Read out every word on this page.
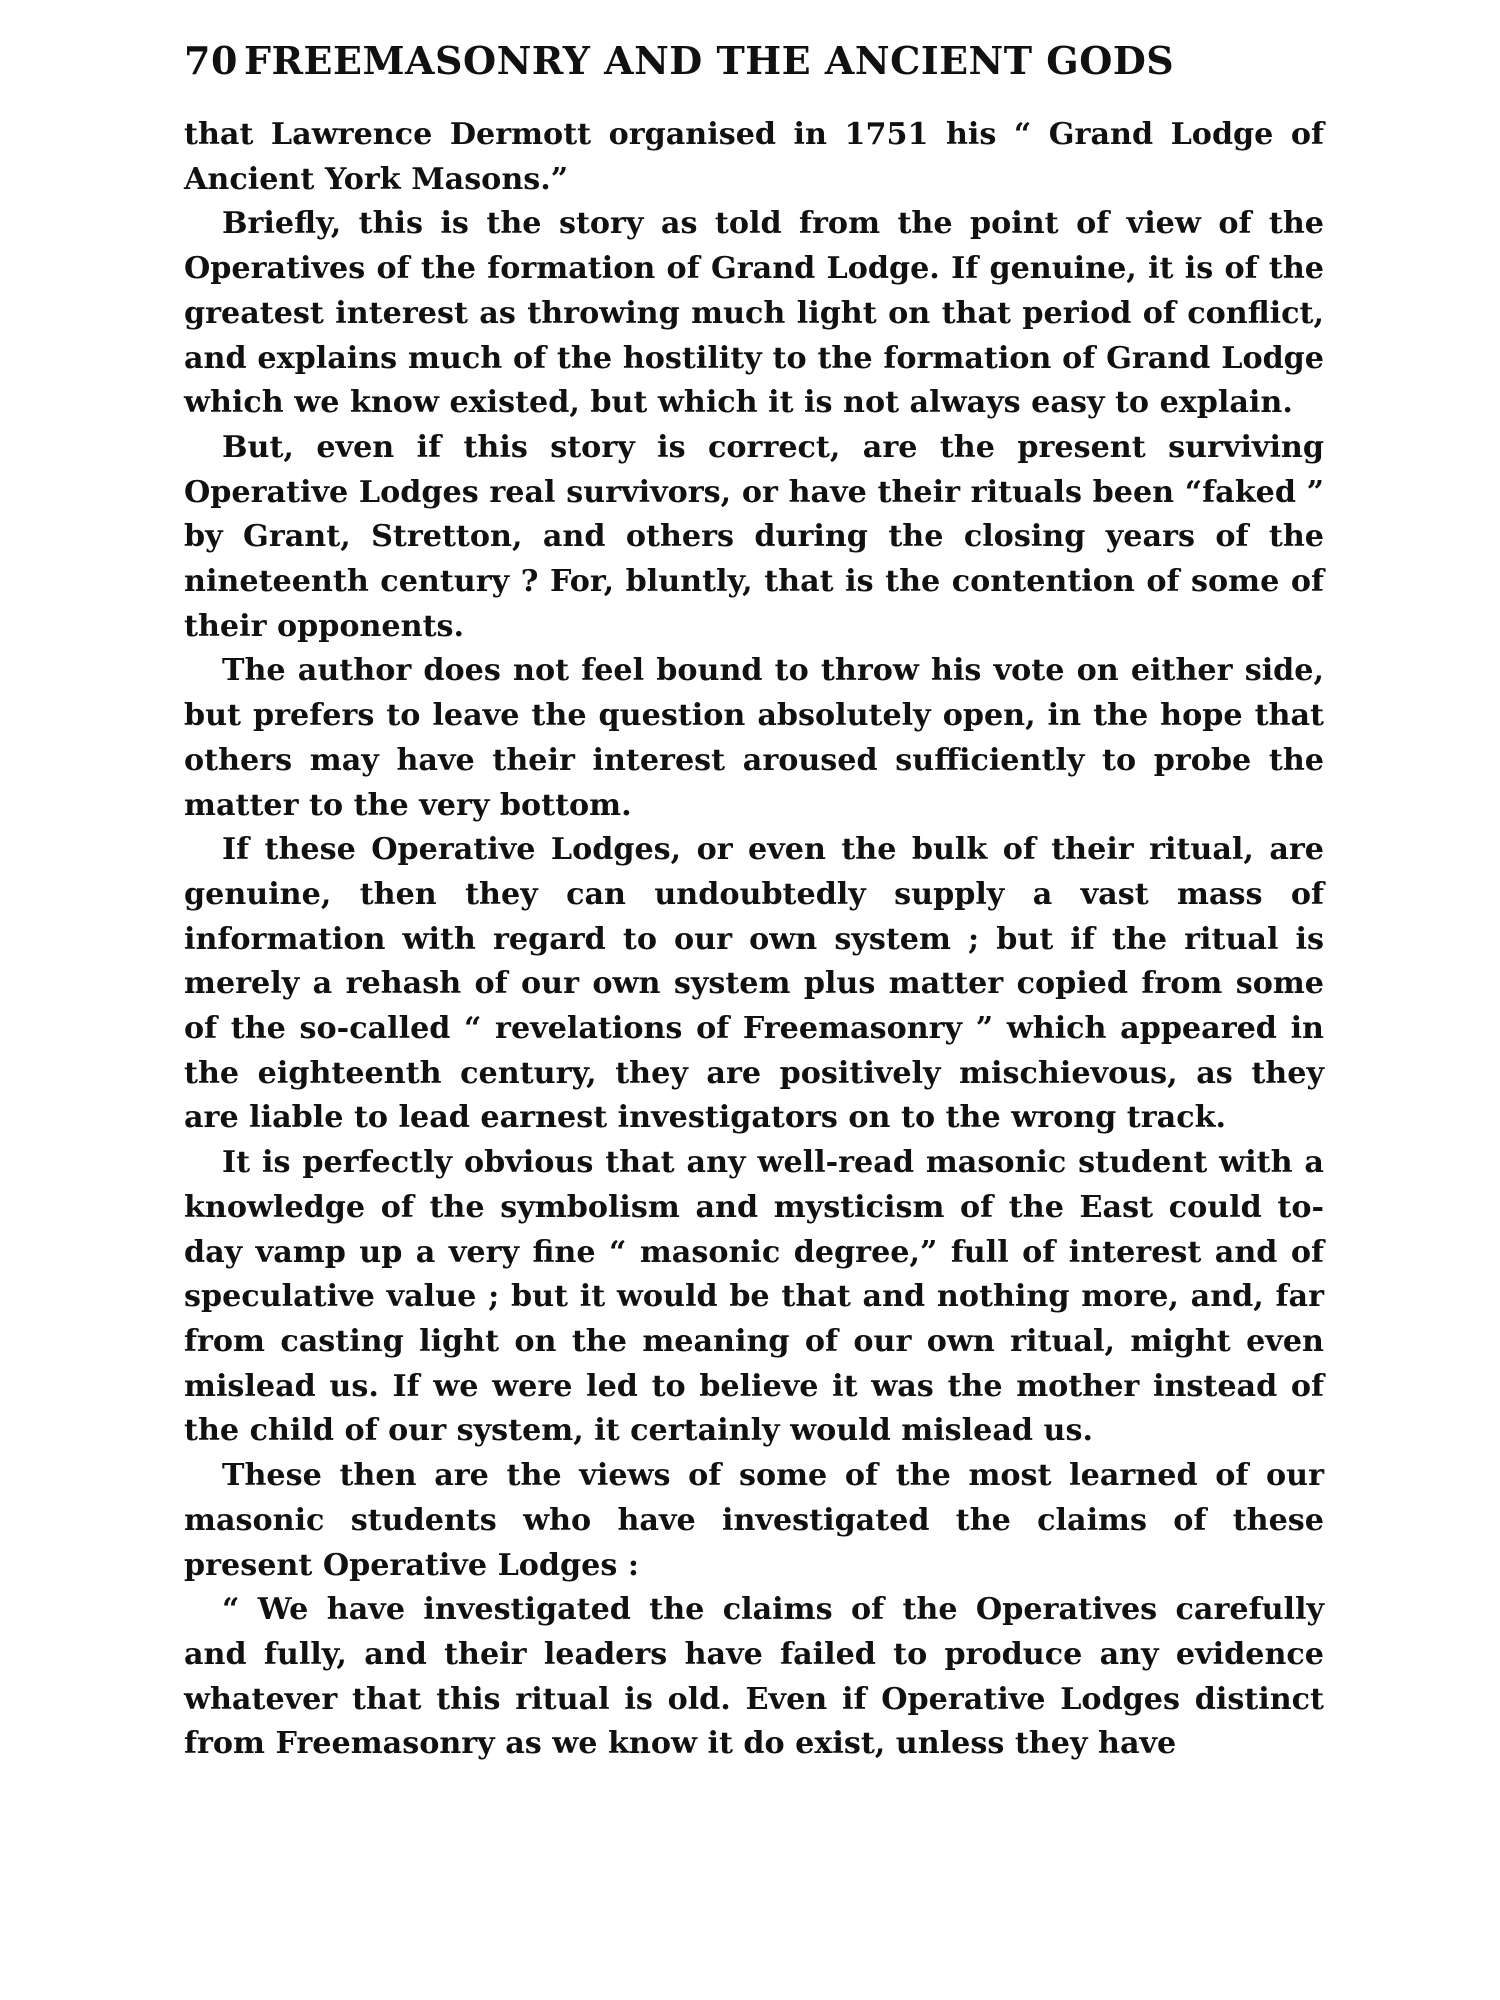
70 FREEMASONRY AND THE ANCIENT GODS

that Lawrence Dermott organised in 1751 his “ Grand Lodge of Ancient York Masons.”

Briefly, this is the story as told from the point of view of the Operatives of the formation of Grand Lodge. If genuine, it is of the greatest interest as throwing much light on that period of conflict, and explains much of the hostility to the formation of Grand Lodge which we know existed, but which it is not always easy to explain.

But, even if this story is correct, are the present surviving Operative Lodges real survivors, or have their rituals been “faked ” by Grant, Stretton, and others during the closing years of the nineteenth century ? For, bluntly, that is the contention of some of their opponents.

The author does not feel bound to throw his vote on either side, but prefers to leave the question absolutely open, in the hope that others may have their interest aroused sufficiently to probe the matter to the very bottom.

If these Operative Lodges, or even the bulk of their ritual, are genuine, then they can undoubtedly supply a vast mass of information with regard to our own system ; but if the ritual is merely a rehash of our own system plus matter copied from some of the so-called “ revelations of Freemasonry ” which appeared in the eighteenth century, they are positively mischievous, as they are liable to lead earnest investigators on to the wrong track.

It is perfectly obvious that any well-read masonic student with a knowledge of the symbolism and mysticism of the East could to-day vamp up a very fine “ masonic degree,” full of interest and of speculative value ; but it would be that and nothing more, and, far from casting light on the meaning of our own ritual, might even mislead us. If we were led to believe it was the mother instead of the child of our system, it certainly would mislead us.

These then are the views of some of the most learned of our masonic students who have investigated the claims of these present Operative Lodges :

“ We have investigated the claims of the Operatives carefully and fully, and their leaders have failed to produce any evidence whatever that this ritual is old. Even if Operative Lodges distinct from Freemasonry as we know it do exist, unless they have
